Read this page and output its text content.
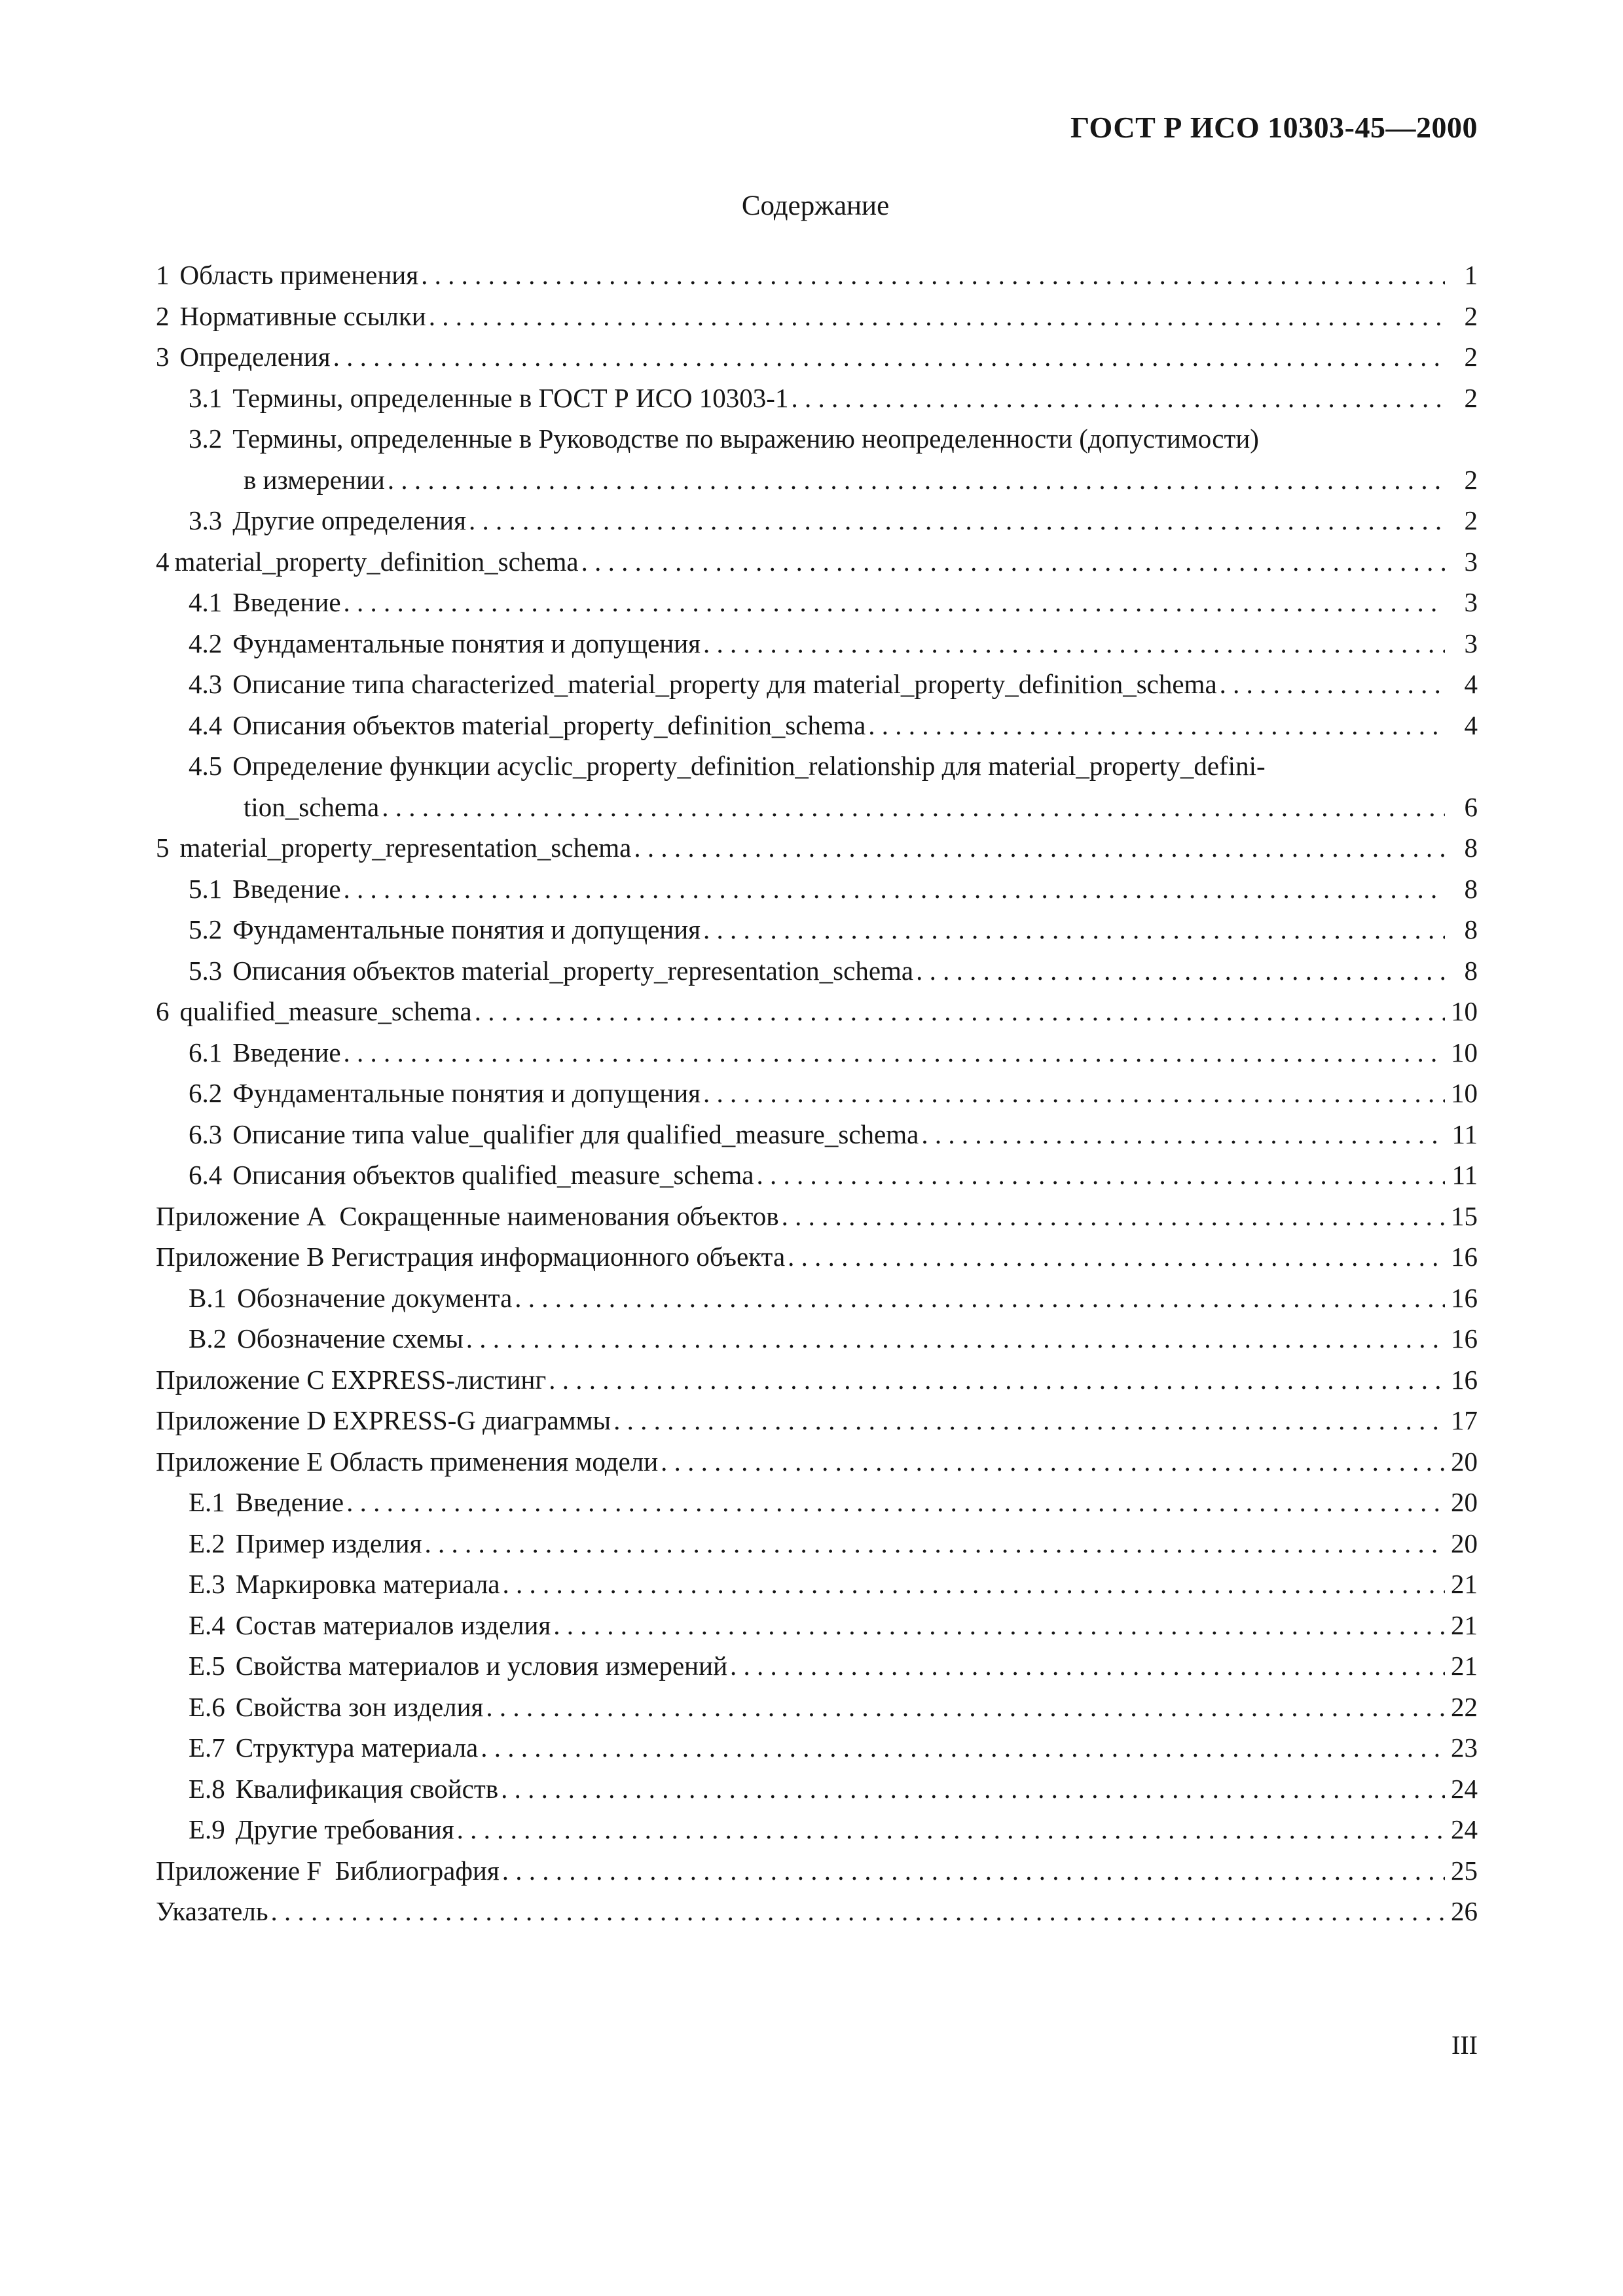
ГОСТ Р ИСО 10303-45—2000
Содержание
1 Область применения . . .	1
2 Нормативные ссылки . . .	2
3 Определения . . .	2
3.1 Термины, определенные в ГОСТ Р ИСО 10303-1 . . .	2
3.2 Термины, определенные в Руководстве по выражению неопределенности (допустимости)
в измерении . . .	2
3.3 Другие определения . . .	2
4 material_property_definition_schema . . .	3
4.1 Введение . . .	3
4.2 Фундаментальные понятия и допущения . . .	3
4.3 Описание типа characterized_material_property для material_property_definition_schema . . .	4
4.4 Описания объектов material_property_definition_schema . . .	4
4.5 Определение функции acyclic_property_definition_relationship для material_property_defini-
tion_schema . . .	6
5 material_property_representation_schema . . .	8
5.1 Введение . . .	8
5.2 Фундаментальные понятия и допущения . . .	8
5.3 Описания объектов material_property_representation_schema . . .	8
6 qualified_measure_schema . . .	10
6.1 Введение . . .	10
6.2 Фундаментальные понятия и допущения . . .	10
6.3 Описание типа value_qualifier для qualified_measure_schema . . .	11
6.4 Описания объектов qualified_measure_schema . . .	11
Приложение А  Сокращенные наименования объектов . . .	15
Приложение В Регистрация информационного объекта . . .	16
В.1 Обозначение документа . . .	16
В.2 Обозначение схемы . . .	16
Приложение С EXPRESS-листинг . . .	16
Приложение D EXPRESS-G диаграммы . . .	17
Приложение Е Область применения модели . . .	20
Е.1 Введение . . .	20
Е.2 Пример изделия . . .	20
Е.3 Маркировка материала . . .	21
Е.4 Состав материалов изделия . . .	21
Е.5 Свойства материалов и условия измерений . . .	21
Е.6 Свойства зон изделия . . .	22
Е.7 Структура материала . . .	23
Е.8 Квалификация свойств . . .	24
Е.9 Другие требования . . .	24
Приложение F  Библиография . . .	25
Указатель . . .	26
III
